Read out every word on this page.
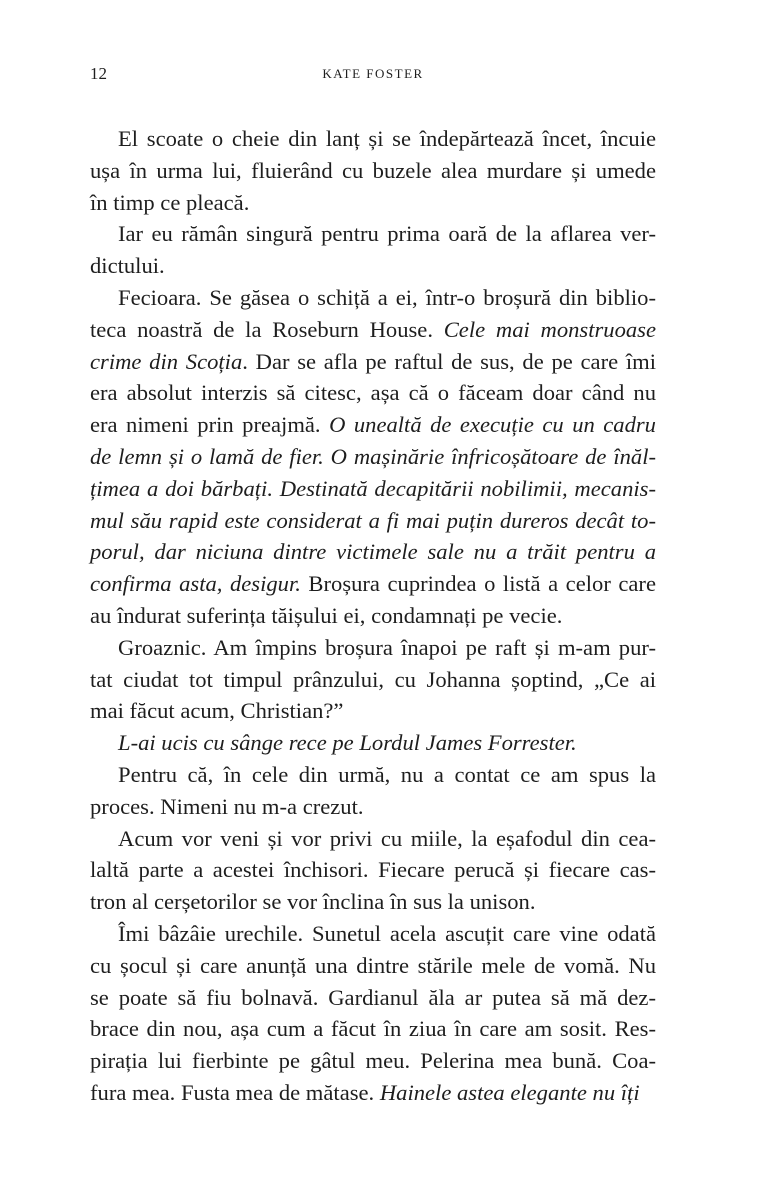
12	KATE FOSTER

El scoate o cheie din lanț și se îndepărtează încet, încuie
ușa în urma lui, fluierând cu buzele alea murdare și umede
în timp ce pleacă.

Iar eu rămân singură pentru prima oară de la aflarea ver-
dictului.

Fecioara. Se găsea o schiță a ei, într-o broșură din biblio-
teca noastră de la Roseburn House. Cele mai monstruoase
crime din Scoția. Dar se afla pe raftul de sus, de pe care îmi
era absolut interzis să citesc, așa că o făceam doar când nu
era nimeni prin preajmă. O unealtă de execuție cu un cadru
de lemn și o lamă de fier. O mașinărie înfricoșătoare de înăl-
țimea a doi bărbați. Destinată decapitării nobilimii, mecanis-
mul său rapid este considerat a fi mai puțin dureros decât to-
porul, dar niciuna dintre victimele sale nu a trăit pentru a
confirma asta, desigur. Broșura cuprindea o listă a celor care
au îndurat suferința tăișului ei, condamnați pe vecie.

Groaznic. Am împins broșura înapoi pe raft și m-am pur-
tat ciudat tot timpul prânzului, cu Johanna șoptind, „Ce ai
mai făcut acum, Christian?”

L-ai ucis cu sânge rece pe Lordul James Forrester.

Pentru că, în cele din urmă, nu a contat ce am spus la
proces. Nimeni nu m-a crezut.

Acum vor veni și vor privi cu miile, la eșafodul din cea-
laltă parte a acestei închisori. Fiecare perucă și fiecare cas-
tron al cerșetorilor se vor înclina în sus la unison.

Îmi bâzâie urechile. Sunetul acela ascuțit care vine odată
cu șocul și care anunță una dintre stările mele de vomă. Nu
se poate să fiu bolnavă. Gardianul ăla ar putea să mă dez-
brace din nou, așa cum a făcut în ziua în care am sosit. Res-
pirația lui fierbinte pe gâtul meu. Pelerina mea bună. Coa-
fura mea. Fusta mea de mătase. Hainele astea elegante nu îți
